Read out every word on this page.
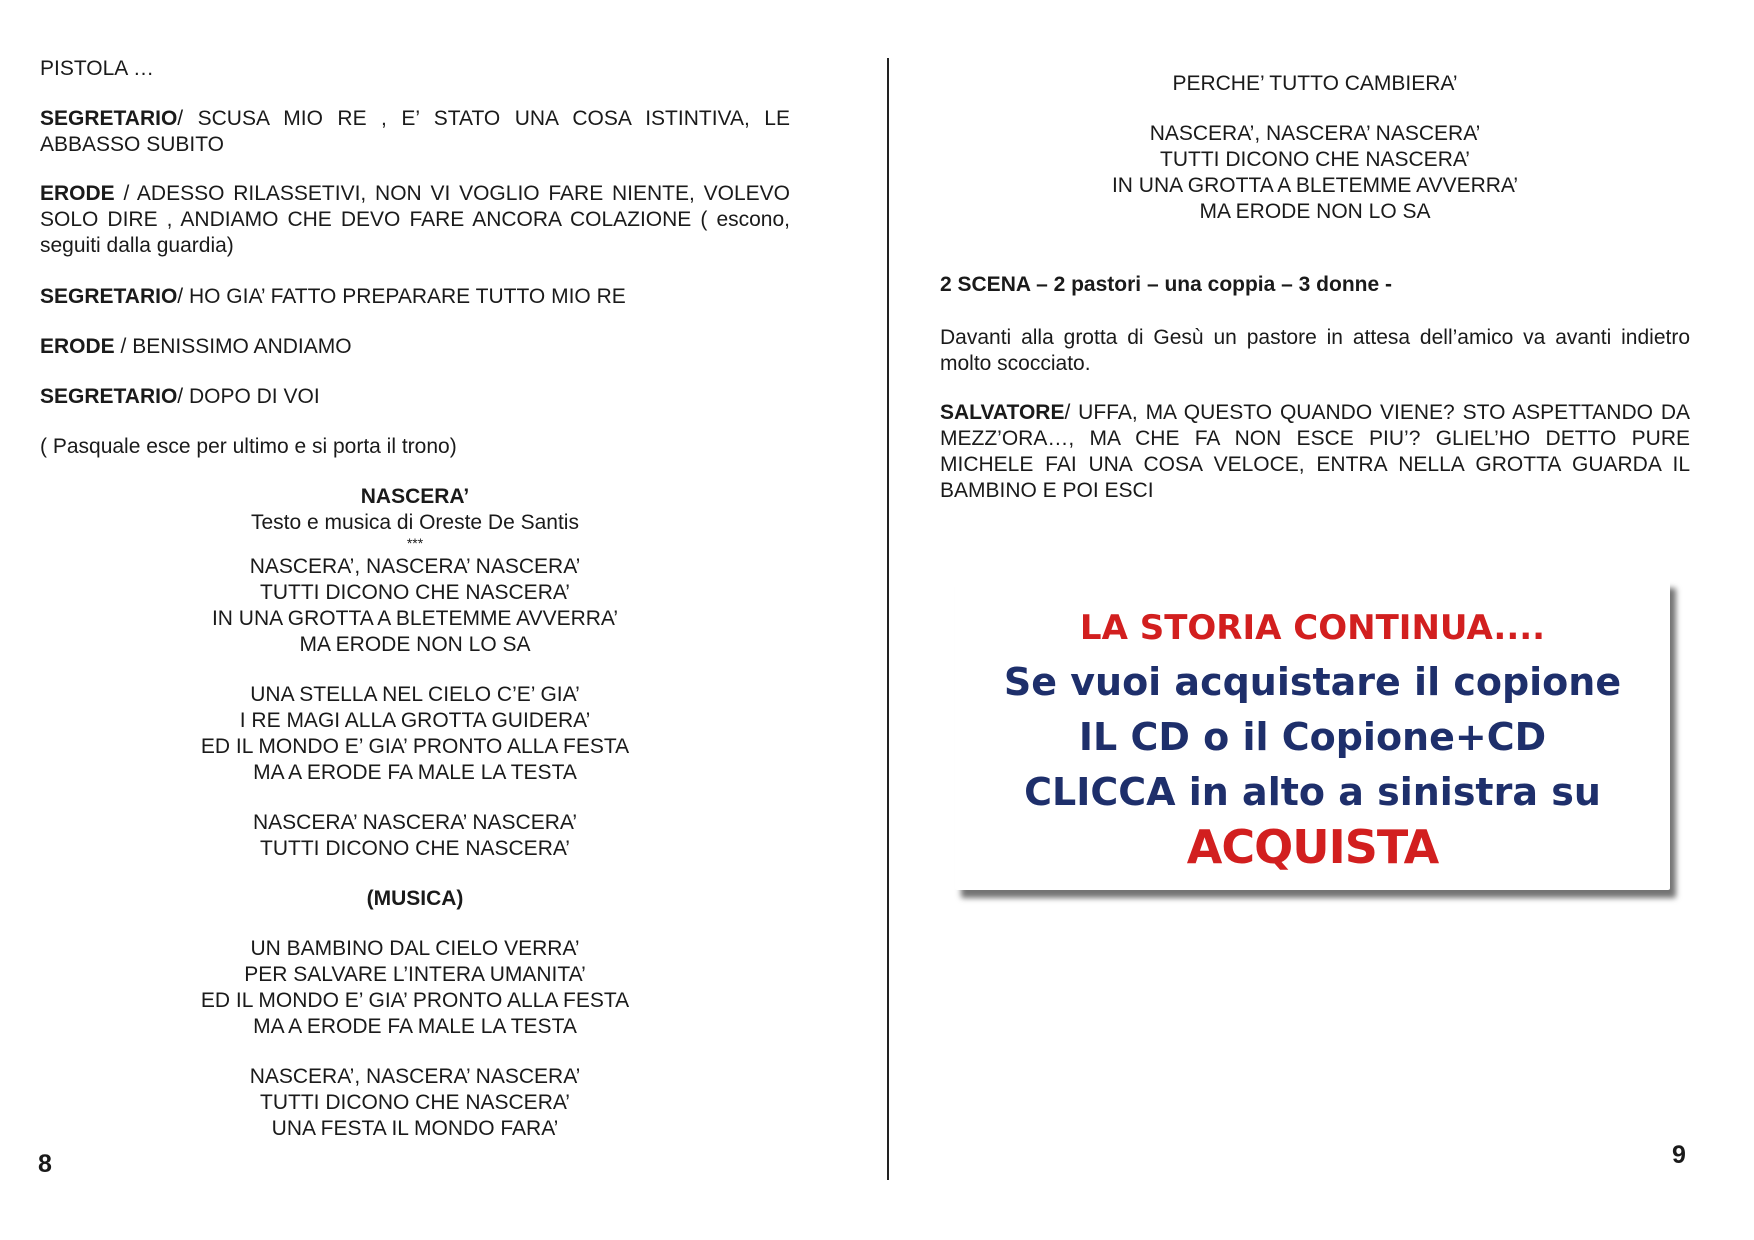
PISTOLA …

SEGRETARIO/ SCUSA MIO RE , E’ STATO UNA COSA ISTINTIVA, LE ABBASSO SUBITO

ERODE / ADESSO RILASSETIVI, NON VI VOGLIO FARE NIENTE, VOLEVO SOLO DIRE , ANDIAMO CHE DEVO FARE ANCORA COLAZIONE ( escono, seguiti dalla guardia)

SEGRETARIO/ HO GIA’ FATTO PREPARARE TUTTO MIO RE

ERODE / BENISSIMO ANDIAMO

SEGRETARIO/ DOPO DI VOI

( Pasquale esce per ultimo e si porta il trono)

NASCERA’
Testo e musica di Oreste De Santis
***
NASCERA’, NASCERA’ NASCERA’
TUTTI DICONO CHE NASCERA’
IN UNA GROTTA A BLETEMME AVVERRA’
MA ERODE NON LO SA
UNA STELLA NEL CIELO C’E’ GIA’
I RE MAGI ALLA GROTTA GUIDERA’
ED IL MONDO E’ GIA’ PRONTO ALLA FESTA
MA A ERODE FA MALE LA TESTA
NASCERA’ NASCERA’ NASCERA’
TUTTI DICONO CHE NASCERA’
(MUSICA)
UN BAMBINO DAL CIELO VERRA’
PER SALVARE L’INTERA UMANITA’
ED IL MONDO E’ GIA’ PRONTO ALLA FESTA
MA A ERODE FA MALE LA TESTA
NASCERA’, NASCERA’ NASCERA’
TUTTI DICONO CHE NASCERA’
UNA FESTA IL MONDO FARA’
8
PERCHE’ TUTTO CAMBIERA’
NASCERA’, NASCERA’ NASCERA’
TUTTI DICONO CHE NASCERA’
IN UNA GROTTA A BLETEMME AVVERRA’
MA ERODE NON LO SA

2 SCENA – 2 pastori – una coppia – 3 donne -

Davanti alla grotta di Gesù un pastore in attesa dell’amico va avanti indietro molto scocciato.

SALVATORE/ UFFA, MA QUESTO QUANDO VIENE? STO ASPETTANDO DA MEZZ’ORA…, MA CHE FA NON ESCE PIU’? GLIEL’HO DETTO PURE MICHELE FAI UNA COSA VELOCE, ENTRA NELLA GROTTA GUARDA IL BAMBINO E POI ESCI

LA STORIA CONTINUA....
Se vuoi acquistare il copione
IL CD o il Copione+CD
CLICCA in alto a sinistra su
ACQUISTA
9
